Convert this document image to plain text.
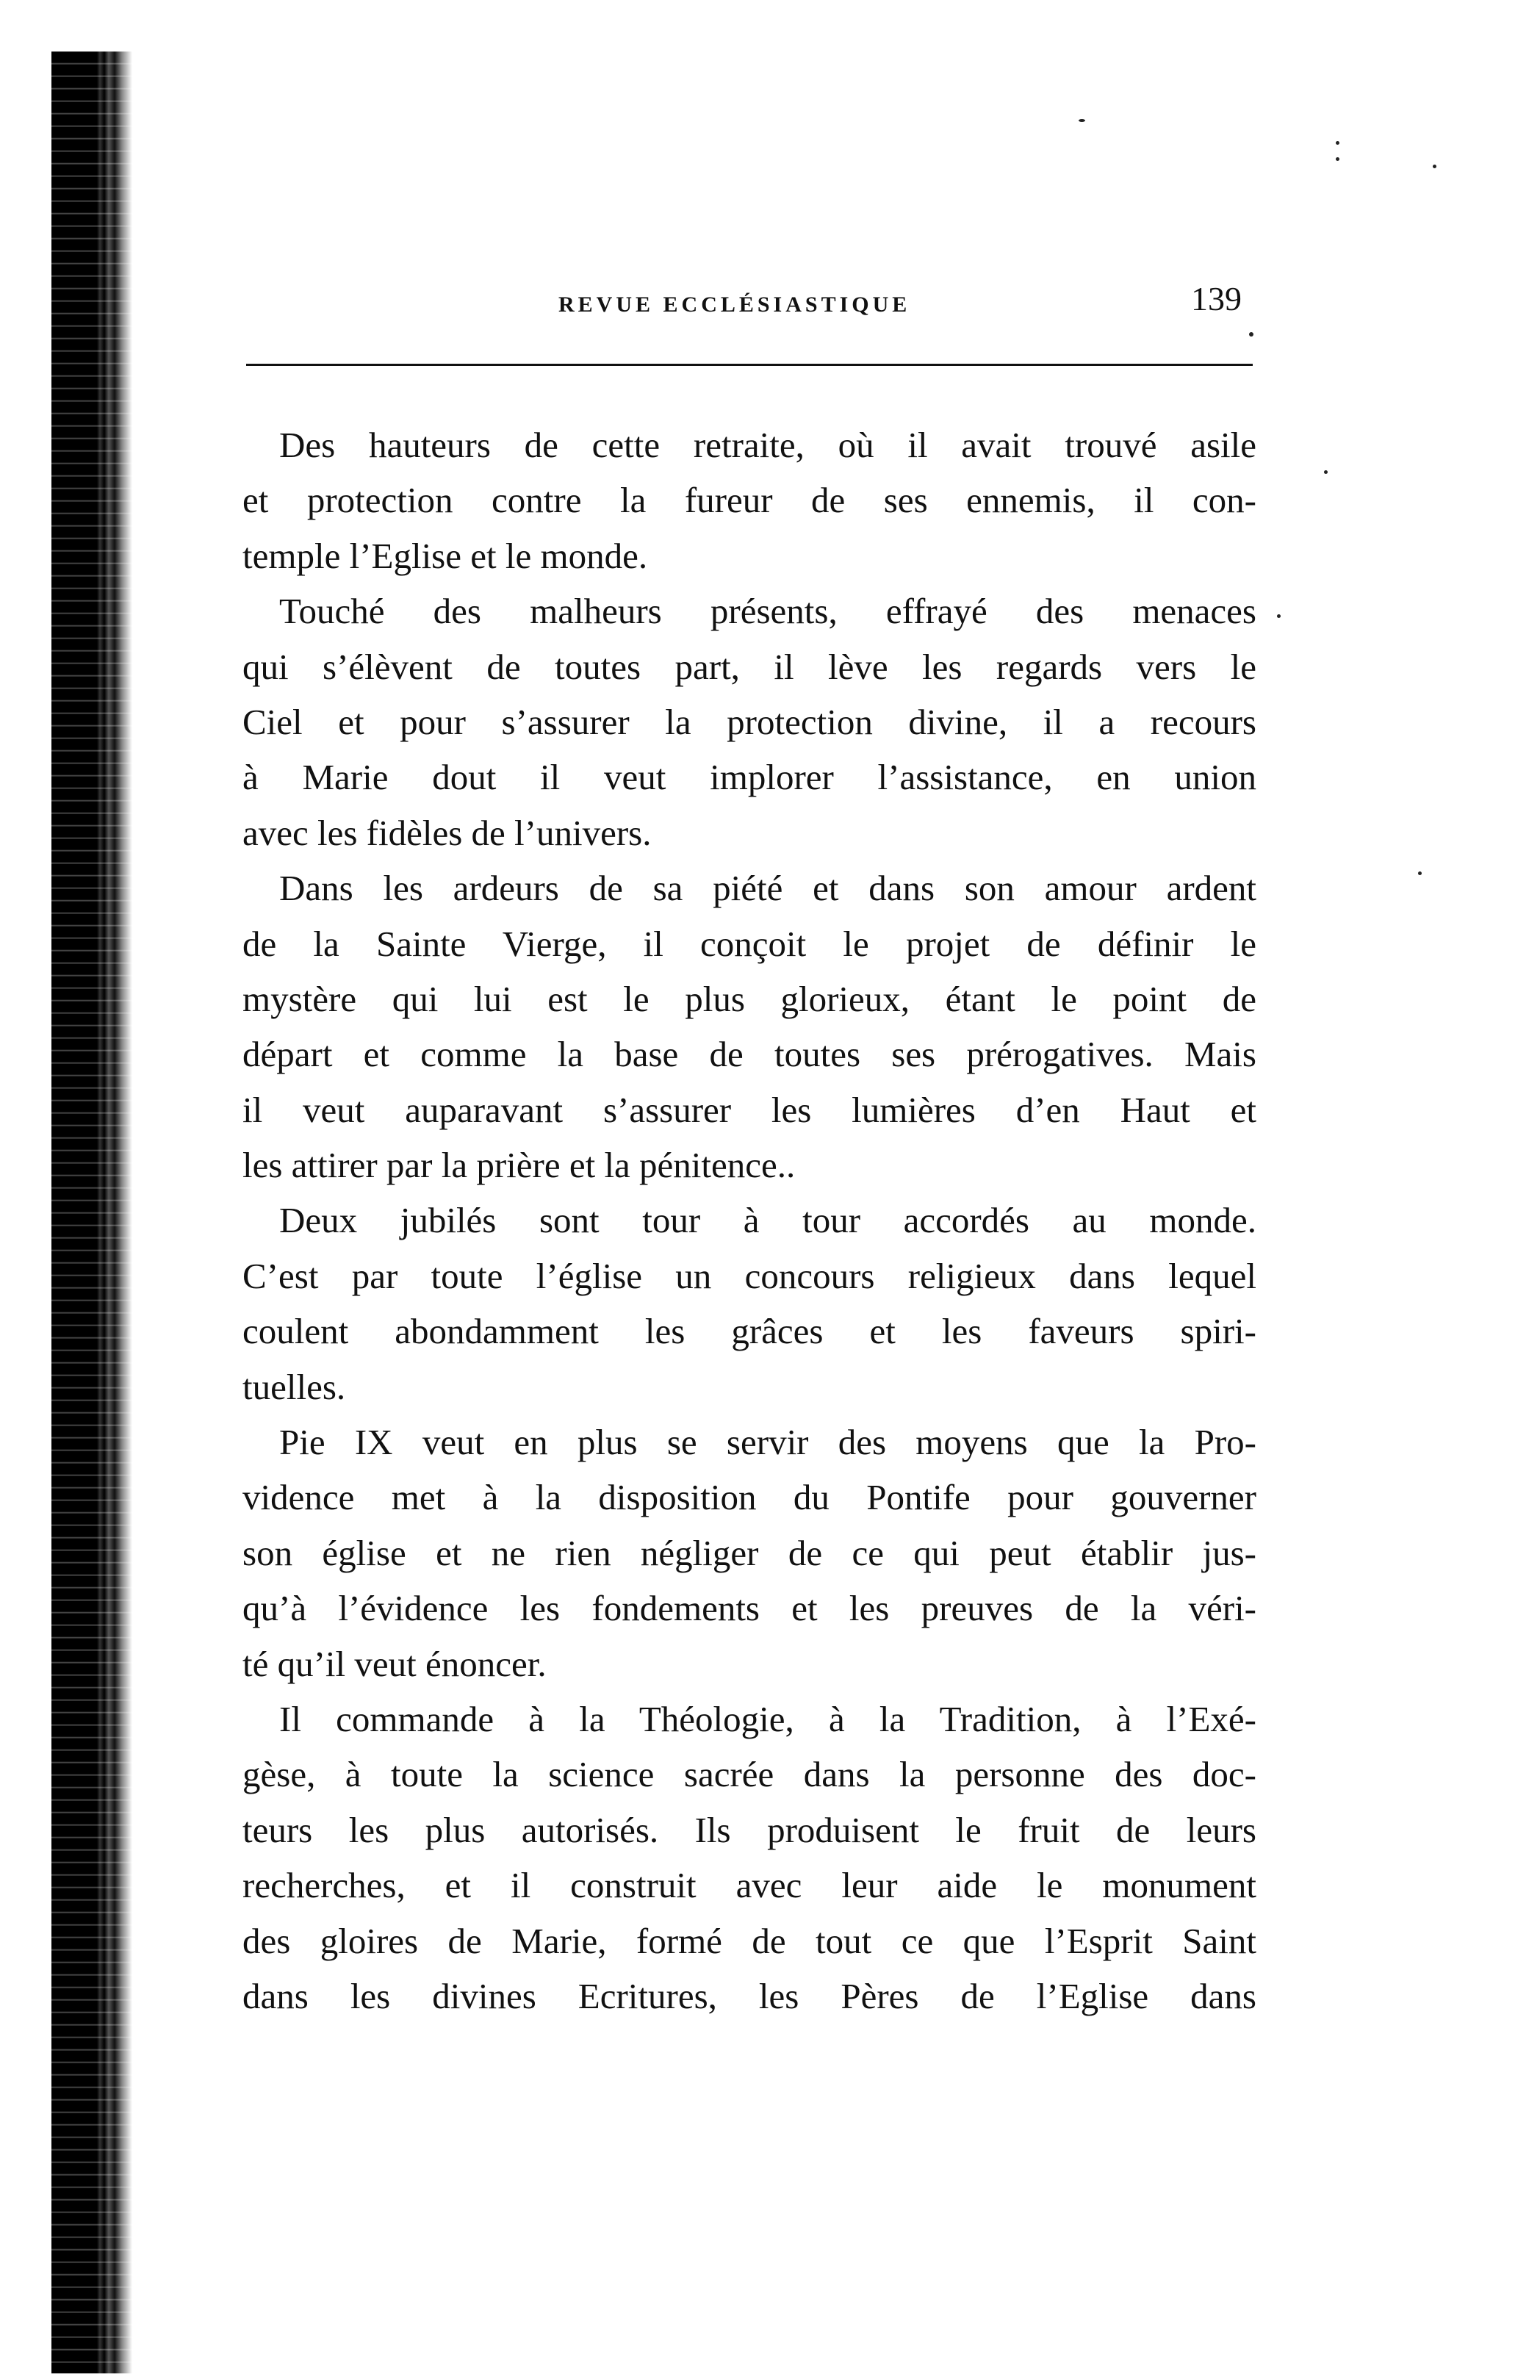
REVUE ECCLÉSIASTIQUE	139
Des hauteurs de cette retraite, où il avait trouvé asile
et protection contre la fureur de ses ennemis, il con-
temple l’Eglise et le monde.
Touché des malheurs présents, effrayé des menaces
qui s’élèvent de toutes part, il lève les regards vers le
Ciel et pour s’assurer la protection divine, il a recours
à Marie dout il veut implorer l’assistance, en union
avec les fidèles de l’univers.
Dans les ardeurs de sa piété et dans son amour ardent
de la Sainte Vierge, il conçoit le projet de définir le
mystère qui lui est le plus glorieux, étant le point de
départ et comme la base de toutes ses prérogatives. Mais
il veut auparavant s’assurer les lumières d’en Haut et
les attirer par la prière et la pénitence..
Deux jubilés sont tour à tour accordés au monde.
C’est par toute l’église un concours religieux dans lequel
coulent abondamment les grâces et les faveurs spiri-
tuelles.
Pie IX veut en plus se servir des moyens que la Pro-
vidence met à la disposition du Pontife pour gouverner
son église et ne rien négliger de ce qui peut établir jus-
qu’à l’évidence les fondements et les preuves de la véri-
té qu’il veut énoncer.
Il commande à la Théologie, à la Tradition, à l’Exé-
gèse, à toute la science sacrée dans la personne des doc-
teurs les plus autorisés. Ils produisent le fruit de leurs
recherches, et il construit avec leur aide le monument
des gloires de Marie, formé de tout ce que l’Esprit Saint
dans les divines Ecritures, les Pères de l’Eglise dans
